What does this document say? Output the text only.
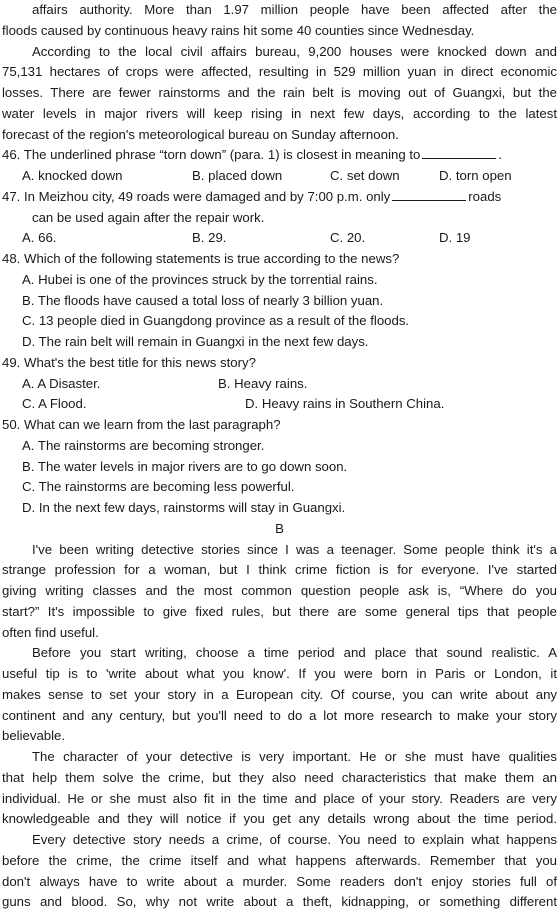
affairs authority. More than 1.97 million people have been affected after the
floods caused by continuous heavy rains hit some 40 counties since Wednesday.
According to the local civil affairs bureau, 9,200 houses were knocked down and
75,131 hectares of crops were affected, resulting in 529 million yuan in direct economic
losses. There are fewer rainstorms and the rain belt is moving out of Guangxi, but the
water levels in major rivers will keep rising in next few days, according to the latest
forecast of the region's meteorological bureau on Sunday afternoon.
46. The underlined phrase “torn down” (para. 1) is closest in meaning to	.
A. knocked down	B. placed down	C. set down	D. torn open
47. In Meizhou city, 49 roads were damaged and by 7:00 p.m. only	roads
can be used again after the repair work.
A. 66.	B. 29.	C. 20.	D. 19
48. Which of the following statements is true according to the news?
A. Hubei is one of the provinces struck by the torrential rains.
B. The floods have caused a total loss of nearly 3 billion yuan.
C. 13 people died in Guangdong province as a result of the floods.
D. The rain belt will remain in Guangxi in the next few days.
49. What's the best title for this news story?
A. A Disaster.	B. Heavy rains.
C. A Flood.	D. Heavy rains in Southern China.
50. What can we learn from the last paragraph?
A. The rainstorms are becoming stronger.
B. The water levels in major rivers are to go down soon.
C. The rainstorms are becoming less powerful.
D. In the next few days, rainstorms will stay in Guangxi.
B
I've been writing detective stories since I was a teenager. Some people think it's a
strange profession for a woman, but I think crime fiction is for everyone. I've started
giving writing classes and the most common question people ask is, “Where do you
start?” It's impossible to give fixed rules, but there are some general tips that people
often find useful.
Before you start writing, choose a time period and place that sound realistic. A
useful tip is to 'write about what you know'. If you were born in Paris or London, it
makes sense to set your story in a European city. Of course, you can write about any
continent and any century, but you'll need to do a lot more research to make your story
believable.
The character of your detective is very important. He or she must have qualities
that help them solve the crime, but they also need characteristics that make them an
individual. He or she must also fit in the time and place of your story. Readers are very
knowledgeable and they will notice if you get any details wrong about the time period.
Every detective story needs a crime, of course. You need to explain what happens
before the crime, the crime itself and what happens afterwards. Remember that you
don't always have to write about a murder. Some readers don't enjoy stories full of
guns and blood. So, why not write about a theft, kidnapping, or something different
